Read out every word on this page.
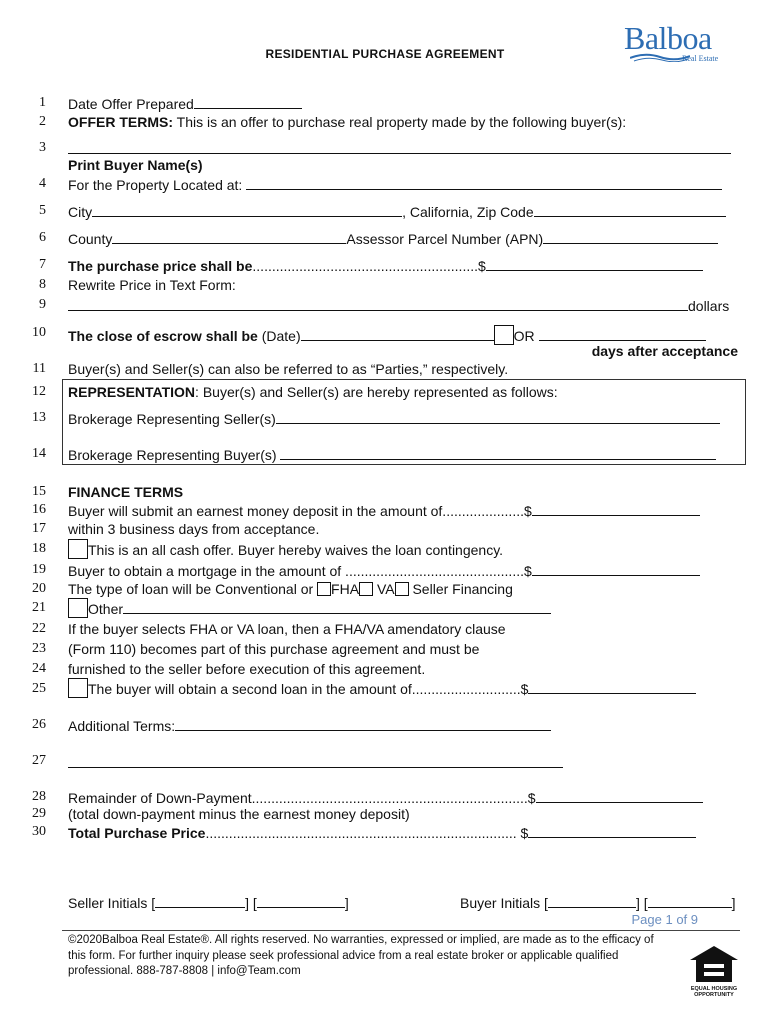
RESIDENTIAL PURCHASE AGREEMENT	Balboa
Real Estate
1
2
3
4
5
6
7
8
9
10
11
12
13
14
15
16
17
18
19
20
21
22
23
24
25
26
27
28
29
30
Date Offer Prepared
OFFER TERMS: This is an offer to purchase real property made by the following buyer(s):
Print Buyer Name(s)
For the Property Located at:
City	, California, Zip Code
County	Assessor Parcel Number (APN)
The purchase price shall be..........................................................$
Rewrite Price in Text Form:
dollars
The close of escrow shall be (Date)	OR
days after acceptance
Buyer(s) and Seller(s) can also be referred to as “Parties,” respectively.
REPRESENTATION: Buyer(s) and Seller(s) are hereby represented as follows:
Brokerage Representing Seller(s)
Brokerage Representing Buyer(s)
FINANCE TERMS
Buyer will submit an earnest money deposit in the amount of.....................$
within 3 business days from acceptance.
This is an all cash offer. Buyer hereby waives the loan contingency.
Buyer to obtain a mortgage in the amount of ..............................................$
The type of loan will be Conventional or FHA VA Seller Financing
Other
If the buyer selects FHA or VA loan, then a FHA/VA amendatory clause
(Form 110) becomes part of this purchase agreement and must be
furnished to the seller before execution of this agreement.
The buyer will obtain a second loan in the amount of............................$
Additional Terms:
Remainder of Down-Payment.......................................................................$
(total down-payment minus the earnest money deposit)
Total Purchase Price................................................................................ $
Seller Initials [	] [	]	Buyer Initials [	] [	]
Page 1 of 9
©2020Balboa Real Estate®. All rights reserved. No warranties, expressed or implied, are made as to the efficacy of this form. For further inquiry please seek professional advice from a real estate broker or applicable qualified professional. 888-787-8808 | info@Team.com
EQUAL HOUSING
OPPORTUNITY
